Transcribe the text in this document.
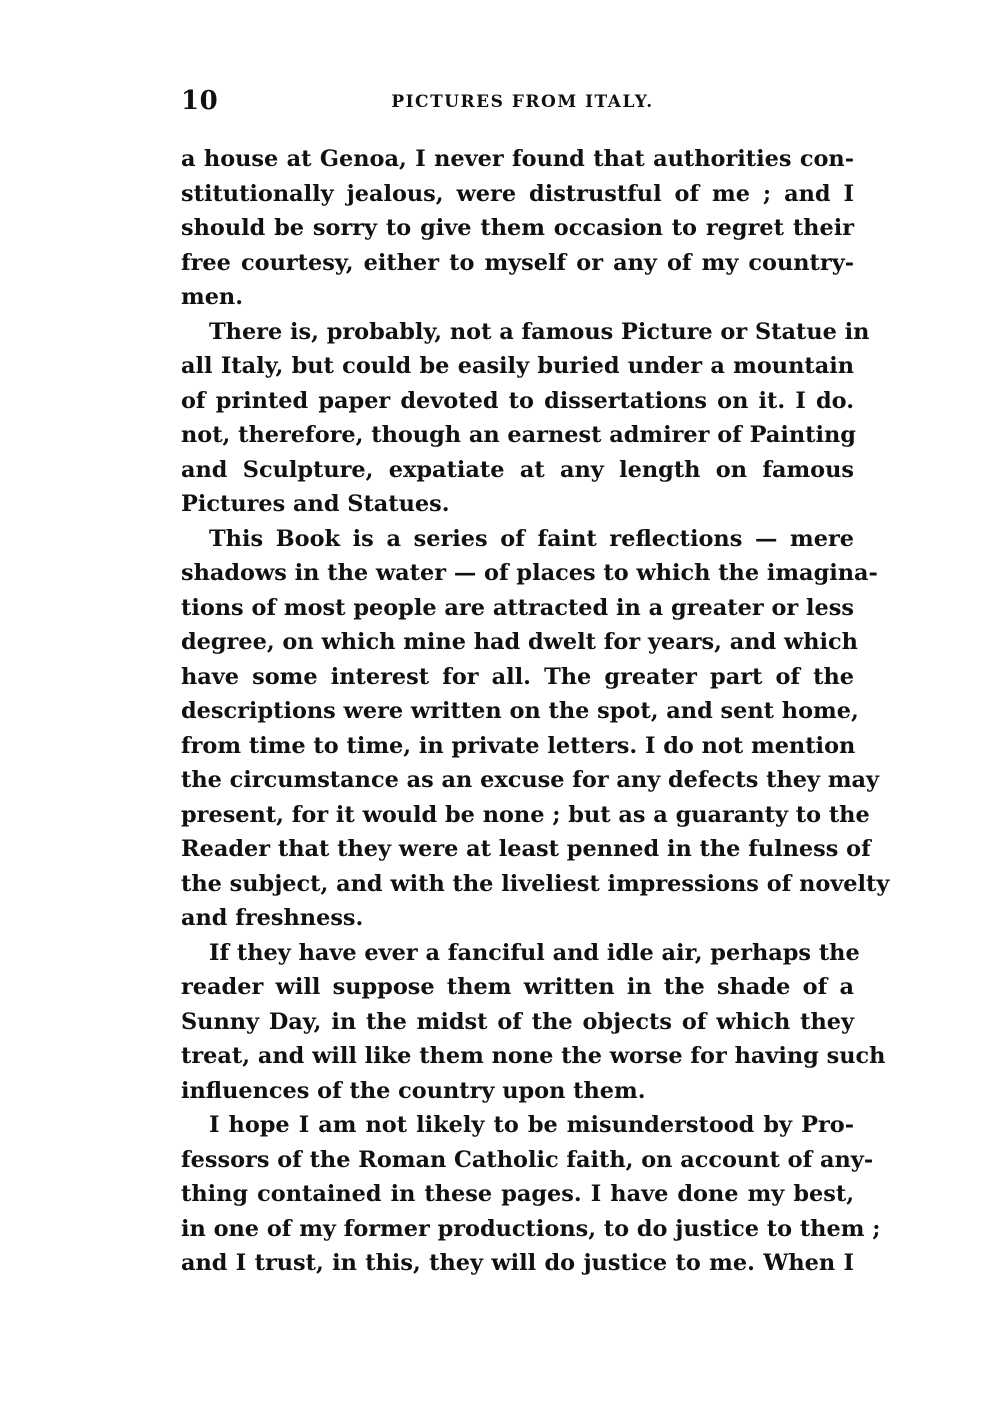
10	PICTURES FROM ITALY.
a house at Genoa, I never found that authorities con-
stitutionally jealous, were distrustful of me ; and I
should be sorry to give them occasion to regret their
free courtesy, either to myself or any of my country-
men.
There is, probably, not a famous Picture or Statue in
all Italy, but could be easily buried under a mountain
of printed paper devoted to dissertations on it. I do.
not, therefore, though an earnest admirer of Painting
and Sculpture, expatiate at any length on famous
Pictures and Statues.
This Book is a series of faint reflections — mere
shadows in the water — of places to which the imagina-
tions of most people are attracted in a greater or less
degree, on which mine had dwelt for years, and which
have some interest for all. The greater part of the
descriptions were written on the spot, and sent home,
from time to time, in private letters. I do not mention
the circumstance as an excuse for any defects they may
present, for it would be none ; but as a guaranty to the
Reader that they were at least penned in the fulness of
the subject, and with the liveliest impressions of novelty
and freshness.
If they have ever a fanciful and idle air, perhaps the
reader will suppose them written in the shade of a
Sunny Day, in the midst of the objects of which they
treat, and will like them none the worse for having such
influences of the country upon them.
I hope I am not likely to be misunderstood by Pro-
fessors of the Roman Catholic faith, on account of any-
thing contained in these pages. I have done my best,
in one of my former productions, to do justice to them ;
and I trust, in this, they will do justice to me. When I
